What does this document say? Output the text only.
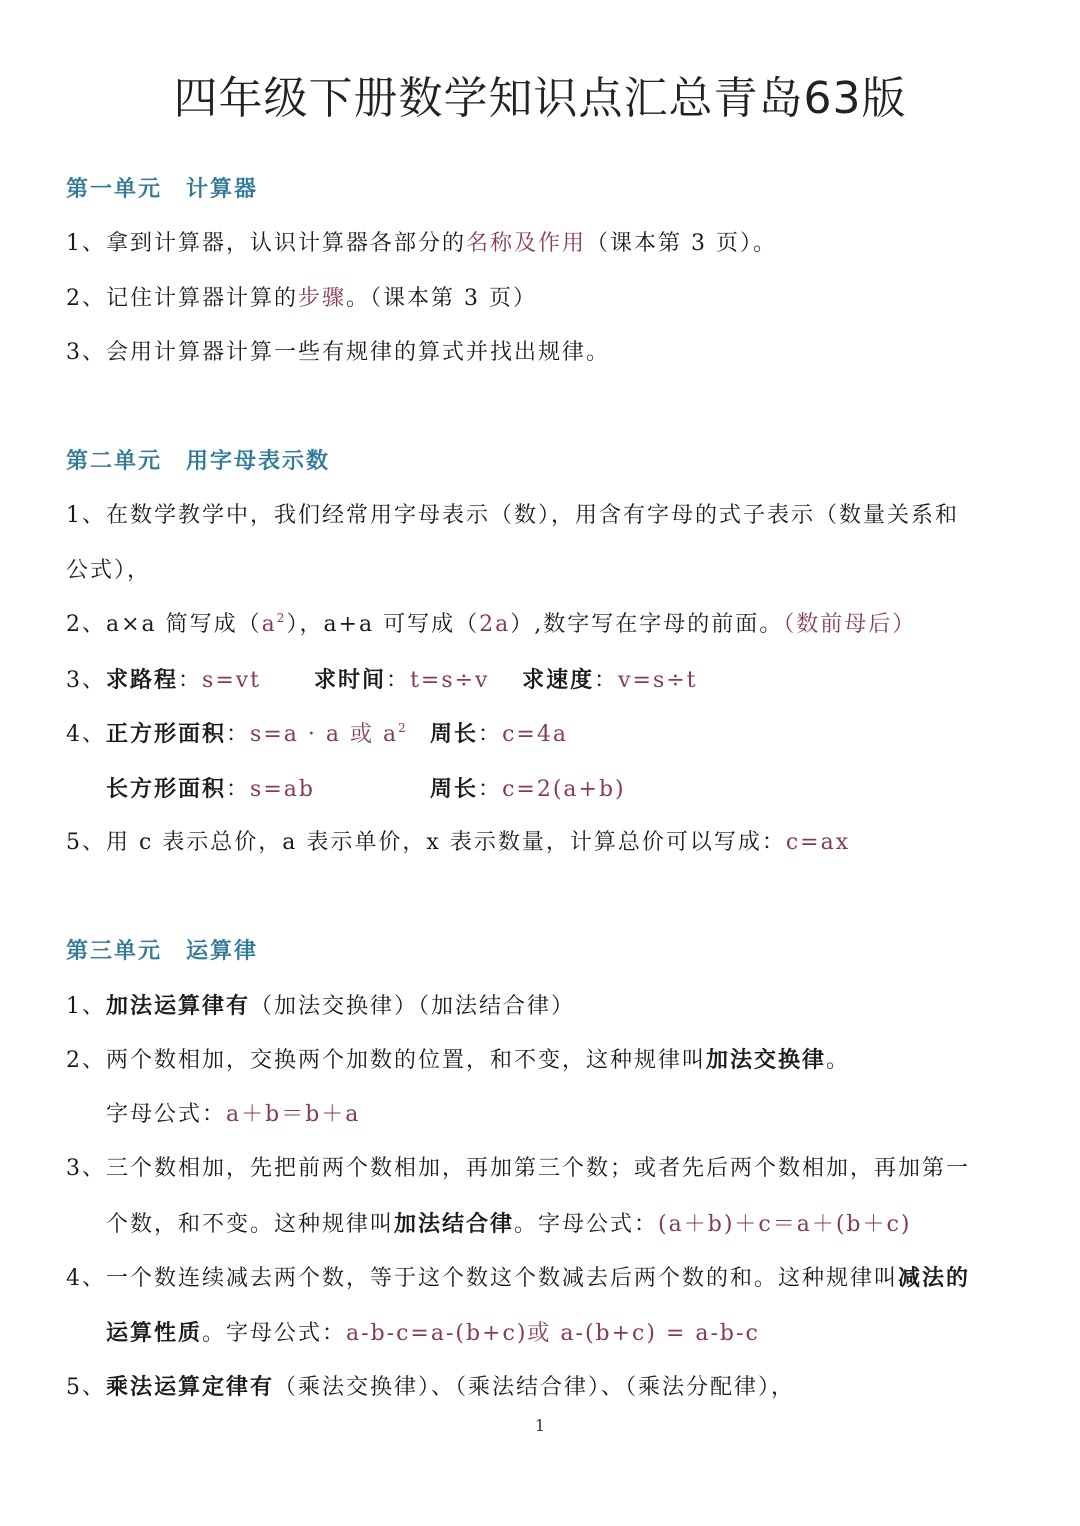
四年级下册数学知识点汇总青岛63版
第一单元　计算器
1、拿到计算器，认识计算器各部分的名称及作用（课本第 3 页）。
2、记住计算器计算的步骤。（课本第 3 页）
3、会用计算器计算一些有规律的算式并找出规律。
第二单元　用字母表示数
1、在数学教学中，我们经常用字母表示（数），用含有字母的式子表示（数量关系和
公式），
2、a×a 简写成$(a^2)$，a+a 可写成（2a）,数字写在字母的前面。（数前母后）
3、求路程：s=vt 求时间：t=s÷v 求速度：v=s÷t
4、正方形面积：s=a · a 或 $a^2$ 周长：c=4a
长方形面积：s=ab	周长：c=2(a+b)
5、用 c 表示总价，a 表示单价，x 表示数量，计算总价可以写成：c=ax
第三单元　运算律
1、加法运算律有（加法交换律）（加法结合律）
2、两个数相加，交换两个加数的位置，和不变，这种规律叫加法交换律。
字母公式：a＋b＝b＋a
3、三个数相加，先把前两个数相加，再加第三个数；或者先后两个数相加，再加第一
个数，和不变。这种规律叫加法结合律。字母公式：(a＋b)＋c＝a＋(b＋c)
4、一个数连续减去两个数，等于这个数这个数减去后两个数的和。这种规律叫减法的
运算性质。字母公式：a-b-c=a-(b+c)或 a-(b+c) = a-b-c
5、乘法运算定律有（乘法交换律）、（乘法结合律）、（乘法分配律），
1
